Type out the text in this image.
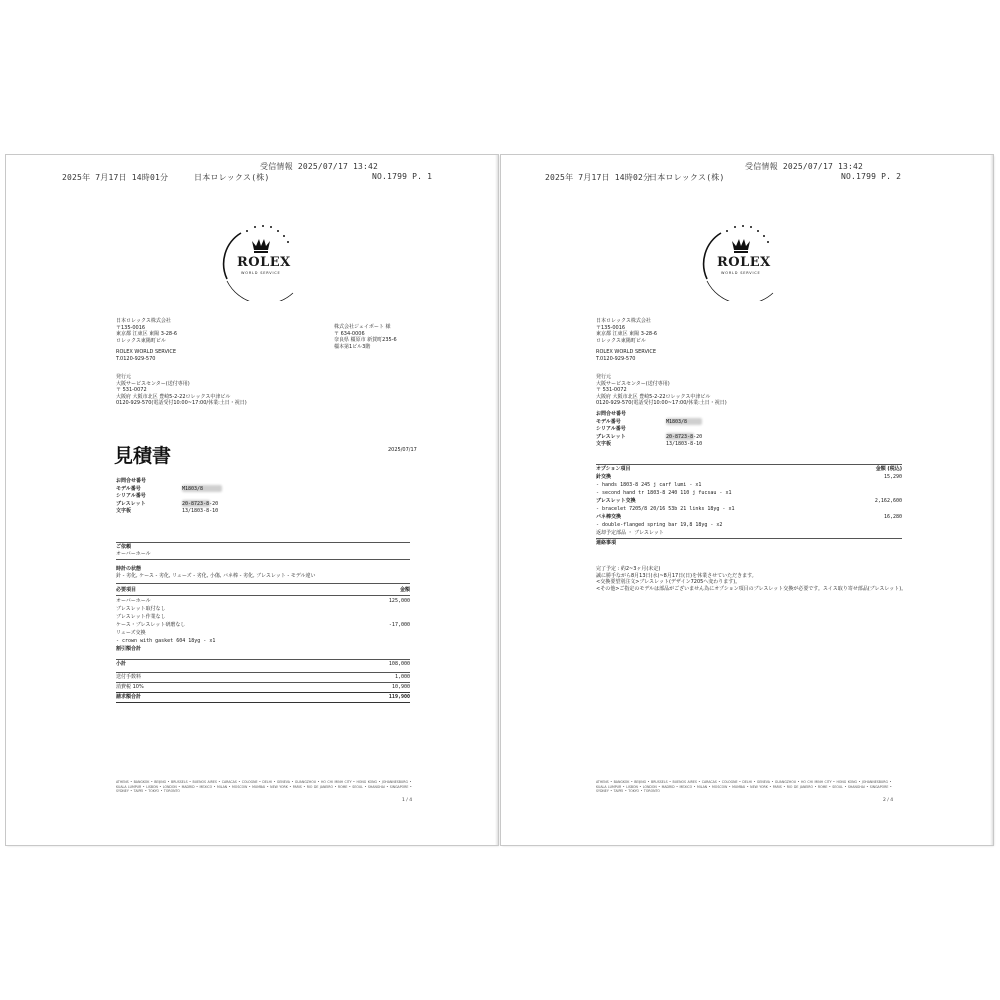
受信情報 2025/07/17 13:42
2025年 7月17日 14時01分	日本ロレックス(株)	NO.1799 P. 1
ROLEX
WORLD SERVICE
日本ロレックス株式会社
〒135-0016
東京都 江東区 東陽 3-28-6
ロレックス東陽町ビル
ROLEX WORLD SERVICE
T.0120-929-570
株式会社ジェイボート 様
〒 634-0006
奈良県 橿原市 新賀町235-6
橿本第1ビル3階
発行元
大阪サービスセンター(送付専用)
〒 531-0072
大阪府 大阪市北区 豊崎5-2-22ロレックス中津ビル
0120-929-570(電話受付10:00~17:00/休業:土日・祝日)
見積書	2025/07/17
お問合せ番号
モデル番号	M1803/8
シリアル番号
ブレスレット	20-8723-8-20
文字板	13/1803-8-10
ご依頼
オーバーホール
時計の状態
針 - 劣化, ケース - 劣化, リューズ - 劣化, 小傷, バネ棒 - 劣化, ブレスレット - モデル違い
必要項目	金額
オーバーホール	125,000
ブレスレット取付なし
ブレスレット作業なし
ケース・ブレスレット研磨なし	-17,000
リューズ交換
- crown with gasket 604 18yg - x1
割引額合計
小計	108,000
送付手数料	1,000
消費税 10%	10,900
請求額合計	119,900
ATHENS • BANGKOK • BEIJING • BRUSSELS • BUENOS AIRES • CARACAS • COLOGNE • DELHI • GENEVA • GUANGZHOU • HO CHI MINH CITY • HONG KONG • JOHANNESBURG • KUALA LUMPUR • LISBON • LONDON • MADRID • MEXICO • MILAN • MOSCOW • MUMBAI • NEW YORK • PARIS • RIO DE JANEIRO • ROME • SEOUL • SHANGHAI • SINGAPORE • SYDNEY • TAIPEI • TOKYO • TORONTO
1 / 4
受信情報 2025/07/17 13:42
2025年 7月17日 14時02分
日本ロレックス(株)	NO.1799 P. 2
ROLEX
WORLD SERVICE
日本ロレックス株式会社
〒135-0016
東京都 江東区 東陽 3-28-6
ロレックス東陽町ビル
ROLEX WORLD SERVICE
T.0120-929-570
発行元
大阪サービスセンター(送付専用)
〒 531-0072
大阪府 大阪市北区 豊崎5-2-22ロレックス中津ビル
0120-929-570(電話受付10:00~17:00/休業:土日・祝日)
お問合せ番号
モデル番号	M1803/8
シリアル番号
ブレスレット	20-8723-8-20
文字板	13/1803-8-10
オプション項目	金額 (税込)
針交換	15,290
- hands 1803-8 245 j carf lumi - x1
- second hand tr 1803-8 240 110 j fucsau - x1
ブレスレット交換	2,162,600
- bracelet 7205/8 20/16 53b 21 links 18yg - x1
バネ棒交換	16,280
- double-flanged spring bar 19,8 18yg - x2
返却予定部品 ・ ブレスレット
連絡事項
完了予定 : 約2~3ヶ月(未定)
誠に勝手ながら8月13日(水)~8月17日(日)を休業させていただきます。
<交換要望別注文>ブレスレット(デザイン7205へ変わります)。
<その他>ご指定のモデルは部品がございません為にオプション項目のブレスレット交換が必要です。スイス取り寄せ部品(ブレスレット)。
ATHENS • BANGKOK • BEIJING • BRUSSELS • BUENOS AIRES • CARACAS • COLOGNE • DELHI • GENEVA • GUANGZHOU • HO CHI MINH CITY • HONG KONG • JOHANNESBURG • KUALA LUMPUR • LISBON • LONDON • MADRID • MEXICO • MILAN • MOSCOW • MUMBAI • NEW YORK • PARIS • RIO DE JANEIRO • ROME • SEOUL • SHANGHAI • SINGAPORE • SYDNEY • TAIPEI • TOKYO • TORONTO
2 / 4
